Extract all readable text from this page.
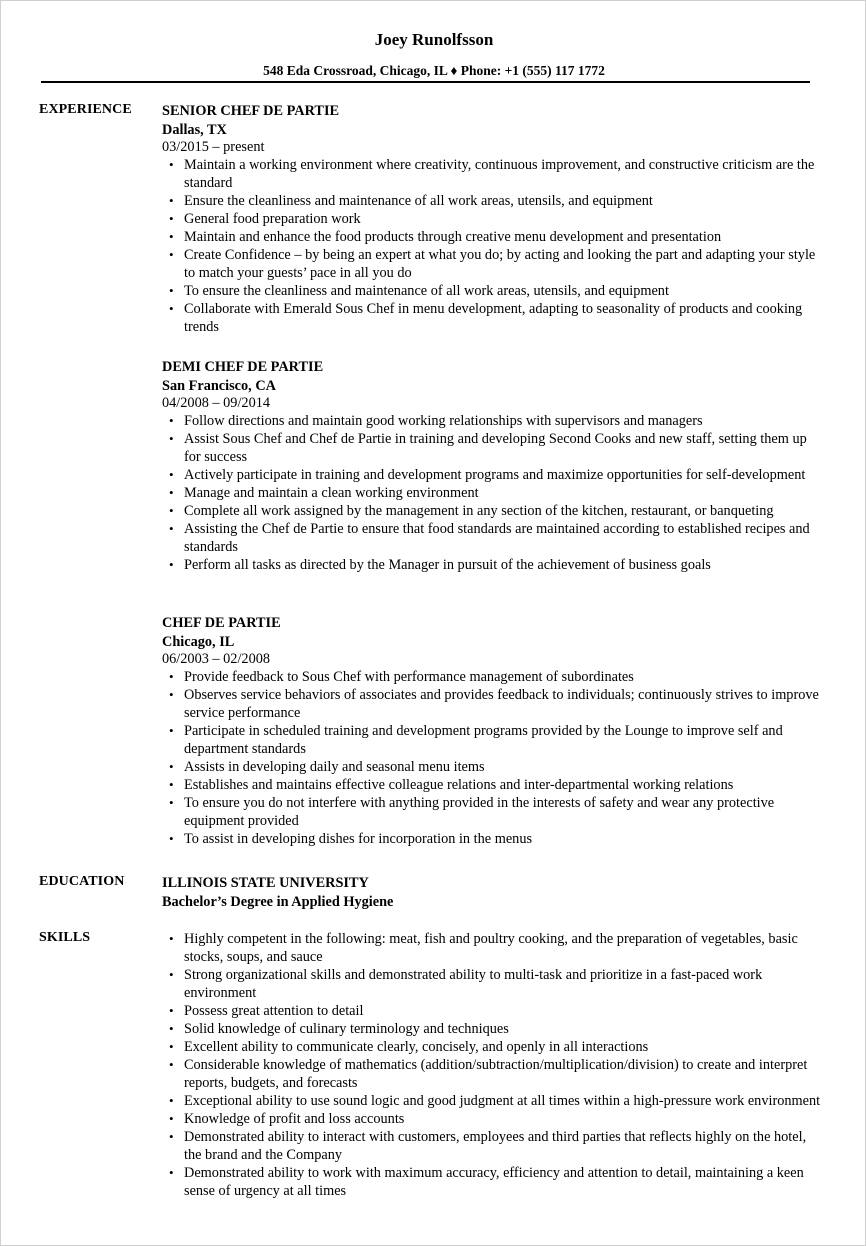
Joey Runolfsson
548 Eda Crossroad, Chicago, IL ♦ Phone: +1 (555) 117 1772
EXPERIENCE SENIOR CHEF DE PARTIE
Dallas, TX
03/2015 – present
• Maintain a working environment where creativity, continuous improvement, and constructive criticism are the standard
• Ensure the cleanliness and maintenance of all work areas, utensils, and equipment
• General food preparation work
• Maintain and enhance the food products through creative menu development and presentation
• Create Confidence – by being an expert at what you do; by acting and looking the part and adapting your style to match your guests’ pace in all you do
• To ensure the cleanliness and maintenance of all work areas, utensils, and equipment
• Collaborate with Emerald Sous Chef in menu development, adapting to seasonality of products and cooking trends
DEMI CHEF DE PARTIE
San Francisco, CA
04/2008 – 09/2014
• Follow directions and maintain good working relationships with supervisors and managers
• Assist Sous Chef and Chef de Partie in training and developing Second Cooks and new staff, setting them up for success
• Actively participate in training and development programs and maximize opportunities for self-development
• Manage and maintain a clean working environment
• Complete all work assigned by the management in any section of the kitchen, restaurant, or banqueting
• Assisting the Chef de Partie to ensure that food standards are maintained according to established recipes and standards
• Perform all tasks as directed by the Manager in pursuit of the achievement of business goals
CHEF DE PARTIE
Chicago, IL
06/2003 – 02/2008
• Provide feedback to Sous Chef with performance management of subordinates
• Observes service behaviors of associates and provides feedback to individuals; continuously strives to improve service performance
• Participate in scheduled training and development programs provided by the Lounge to improve self and department standards
• Assists in developing daily and seasonal menu items
• Establishes and maintains effective colleague relations and inter-departmental working relations
• To ensure you do not interfere with anything provided in the interests of safety and wear any protective equipment provided
• To assist in developing dishes for incorporation in the menus
EDUCATION	ILLINOIS STATE UNIVERSITY
Bachelor’s Degree in Applied Hygiene
SKILLS
•	Highly competent in the following: meat, fish and poultry cooking, and the preparation of vegetables, basic stocks, soups, and sauce
• Strong organizational skills and demonstrated ability to multi-task and prioritize in a fast-paced work environment
• Possess great attention to detail
• Solid knowledge of culinary terminology and techniques
• Excellent ability to communicate clearly, concisely, and openly in all interactions
• Considerable knowledge of mathematics (addition/subtraction/multiplication/division) to create and interpret reports, budgets, and forecasts
• Exceptional ability to use sound logic and good judgment at all times within a high-pressure work environment
• Knowledge of profit and loss accounts
• Demonstrated ability to interact with customers, employees and third parties that reflects highly on the hotel, the brand and the Company
• Demonstrated ability to work with maximum accuracy, efficiency and attention to detail, maintaining a keen sense of urgency at all times
